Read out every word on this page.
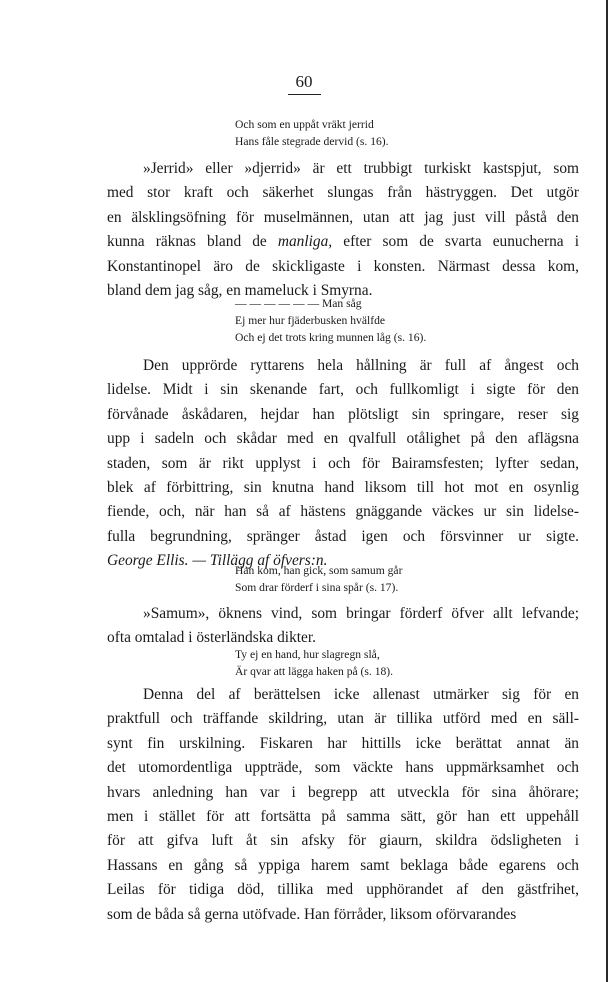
60
Och som en uppåt vräkt jerrid
Hans fåle stegrade dervid (s. 16).
»Jerrid» eller »djerrid» är ett trubbigt turkiskt kastspjut, som
med stor kraft och säkerhet slungas från hästryggen. Det utgör
en älsklingsöfning för muselmännen, utan att jag just vill påstå den
kunna räknas bland de manliga, efter som de svarta eunucherna i
Konstantinopel äro de skickligaste i konsten. Närmast dessa kom,
bland dem jag såg, en mameluck i Smyrna.
— — — — — — Man såg
Ej mer hur fjäderbusken hvälfde
Och ej det trots kring munnen låg (s. 16).
Den upprörde ryttarens hela hållning är full af ångest och
lidelse. Midt i sin skenande fart, och fullkomligt i sigte för den
förvånade åskådaren, hejdar han plötsligt sin springare, reser sig
upp i sadeln och skådar med en qvalfull otålighet på den aflägsna
staden, som är rikt upplyst i och för Bairamsfesten; lyfter sedan,
blek af förbittring, sin knutna hand liksom till hot mot en osynlig
fiende, och, när han så af hästens gnäggande väckes ur sin lidelse-
fulla begrundning, spränger åstad igen och försvinner ur sigte.
George Ellis. — Tillägg af öfvers:n.
Han kom, han gick, som samum går
Som drar förderf i sina spår (s. 17).
»Samum», öknens vind, som bringar förderf öfver allt lefvande;
ofta omtalad i österländska dikter.
Ty ej en hand, hur slagregn slå,
Är qvar att lägga haken på (s. 18).
Denna del af berättelsen icke allenast utmärker sig för en
praktfull och träffande skildring, utan är tillika utförd med en säll-
synt fin urskilning. Fiskaren har hittills icke berättat annat än
det utomordentliga uppträde, som väckte hans uppmärksamhet och
hvars anledning han var i begrepp att utveckla för sina åhörare;
men i stället för att fortsätta på samma sätt, gör han ett uppehåll
för att gifva luft åt sin afsky för giaurn, skildra ödsligheten i
Hassans en gång så yppiga harem samt beklaga både egarens och
Leilas för tidiga död, tillika med upphörandet af den gästfrihet,
som de båda så gerna utöfvade. Han förråder, liksom oförvarandes
